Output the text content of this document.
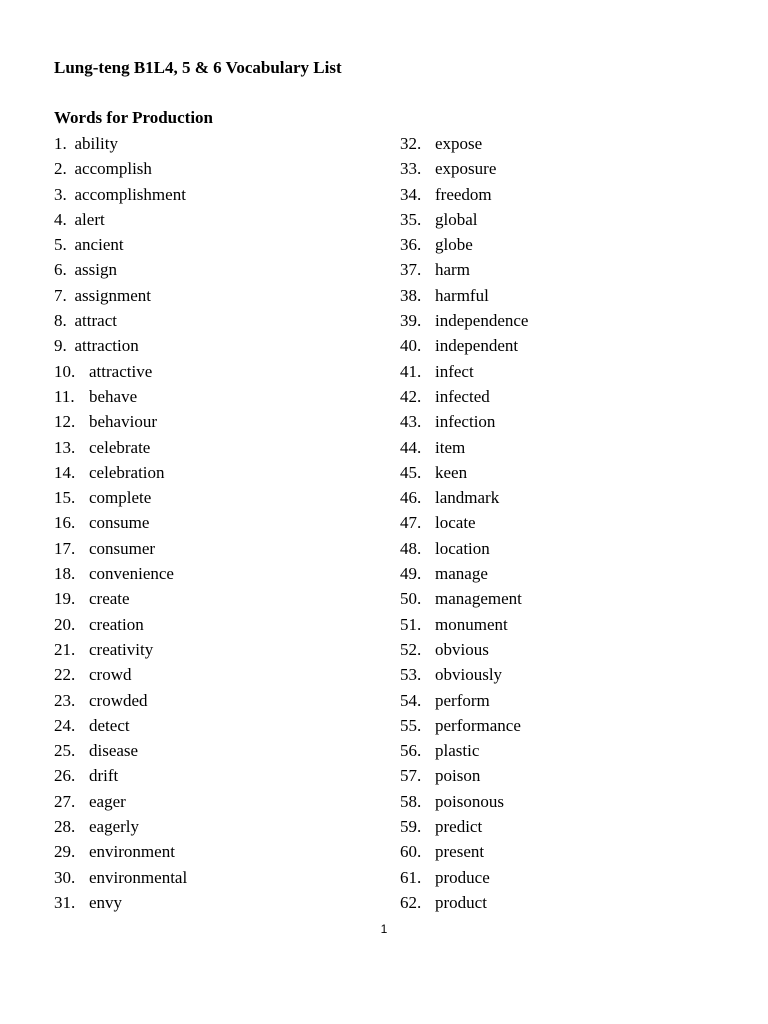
Lung-teng B1L4, 5 & 6 Vocabulary List
Words for Production
1. ability
2. accomplish
3. accomplishment
4. alert
5. ancient
6. assign
7. assignment
8. attract
9. attraction
10. attractive
11. behave
12. behaviour
13. celebrate
14. celebration
15. complete
16. consume
17. consumer
18. convenience
19. create
20. creation
21. creativity
22. crowd
23. crowded
24. detect
25. disease
26. drift
27. eager
28. eagerly
29. environment
30. environmental
31. envy
32. expose
33. exposure
34. freedom
35. global
36. globe
37. harm
38. harmful
39. independence
40. independent
41. infect
42. infected
43. infection
44. item
45. keen
46. landmark
47. locate
48. location
49. manage
50. management
51. monument
52. obvious
53. obviously
54. perform
55. performance
56. plastic
57. poison
58. poisonous
59. predict
60. present
61. produce
62. product
1
